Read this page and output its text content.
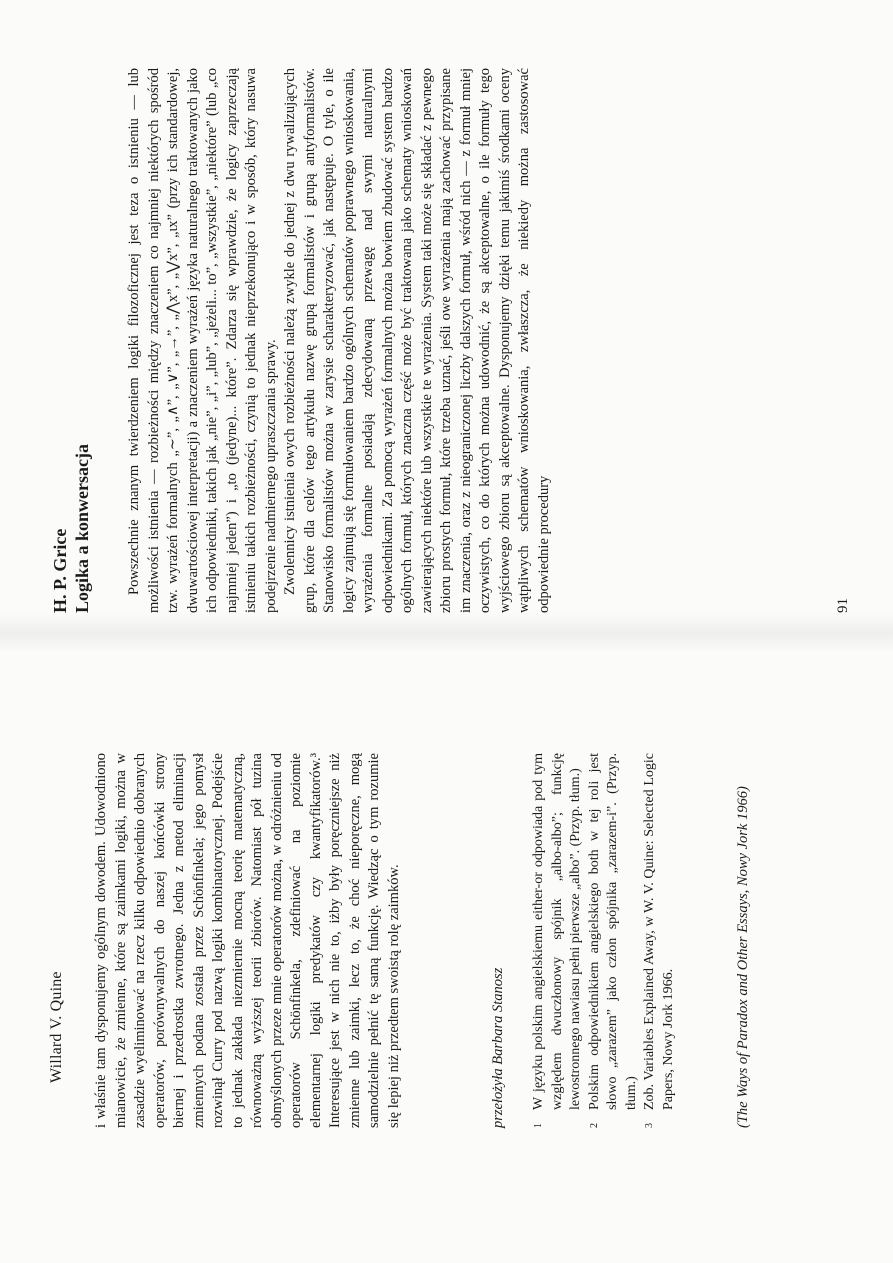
Willard V. Quine i właśnie tam dysponujemy ogólnym dowodem. Udowodniono mianowicie, że zmienne, które są zaimkami logiki, można w zasadzie wyeliminować na rzecz kilku odpowiednio dobranych operatorów, porównywalnych do naszej końcówki strony biernej i przedrostka zwrotnego. Jedna z metod eliminacji zmiennych podana została przez Schönfinkela; jego pomysł rozwinął Curry pod nazwą logiki kombinatorycznej. Podejście to jednak zakłada niezmiernie mocną teorię matematyczną, równoważną wyższej teorii zbiorów. Natomiast pół tuzina obmyślonych przeze mnie operatorów można, w odróżnieniu od operatorów Schönfinkela, zdefiniować na poziomie elementarnej logiki predykatów czy kwantyfikatorów.³ Interesujące jest w nich nie to, iżby były poręczniejsze niż zmienne lub zaimki, lecz to, że choć nieporęczne, mogą samodzielnie pełnić tę samą funkcję. Wiedząc o tym rozumie się lepiej niż przedtem swoistą rolę zaimków.	przełożyła Barbara Stanosz	1
W języku polskim angielskiemu either-or odpowiada pod tym względem dwuczłonowy spójnik „albo-albo”; funkcję lewostronnego nawiasu pełni pierwsze „albo”. (Przyp. tłum.)
2
Polskim odpowiednikiem angielskiego both w tej roli jest słowo „zarazem” jako człon spójnika „zarazem-i”. (Przyp. tłum.)
3
Zob. Variables Explained Away, w W. V. Quine: Selected Logic Papers, Nowy Jork 1966.	(The Ways of Paradox and Other Essays, Nowy Jork 1966)
H. P. Grice Logika a konwersacja Powszechnie znanym twierdzeniem logiki filozoficznej jest teza o istnieniu — lub możliwości istnienia — rozbieżności między znaczeniem co najmniej niektórych spośród tzw. wyrażeń formalnych „∼”, „∧”, „∨”, „→”, „⋀x”, „⋁x”, „ιx” (przy ich standardowej, dwuwartościowej interpretacji) a znaczeniem wyrażeń języka naturalnego traktowanych jako ich odpowiedniki, takich jak „nie”, „i”, „lub”, „jeżeli... to”, „wszystkie”, „niektóre” (lub „co najmniej jeden”) i „to (jedyne)... które”. Zdarza się wprawdzie, że logicy zaprzeczają istnieniu takich rozbieżności, czynią to jednak nieprzekonująco i w sposób, który nasuwa podejrzenie nadmiernego upraszczania sprawy. Zwolennicy istnienia owych rozbieżności należą zwykle do jednej z dwu rywalizujących grup, które dla celów tego artykułu nazwę grupą formalistów i grupą antyformalistów. Stanowisko formalistów można w zarysie scharakteryzować, jak następuje. O tyle, o ile logicy zajmują się formułowaniem bardzo ogólnych schematów poprawnego wnioskowania, wyrażenia formalne posiadają zdecydowaną przewagę nad swymi naturalnymi odpowiednikami. Za pomocą wyrażeń formalnych można bowiem zbudować system bardzo ogólnych formuł, których znaczna część może być traktowana jako schematy wnioskowań zawierających niektóre lub wszystkie te wyrażenia. System taki może się składać z pewnego zbioru prostych formuł, które trzeba uznać, jeśli owe wyrażenia mają zachować przypisane im znaczenia, oraz z nieograniczonej liczby dalszych formuł, wśród nich — z formuł mniej oczywistych, co do których można udowodnić, że są akceptowalne, o ile formuły tego wyjściowego zbioru są akceptowalne. Dysponujemy dzięki temu jakimiś środkami oceny wątpliwych schematów wnioskowania, zwłaszcza, że niekiedy można zastosować odpowiednie procedury	91
